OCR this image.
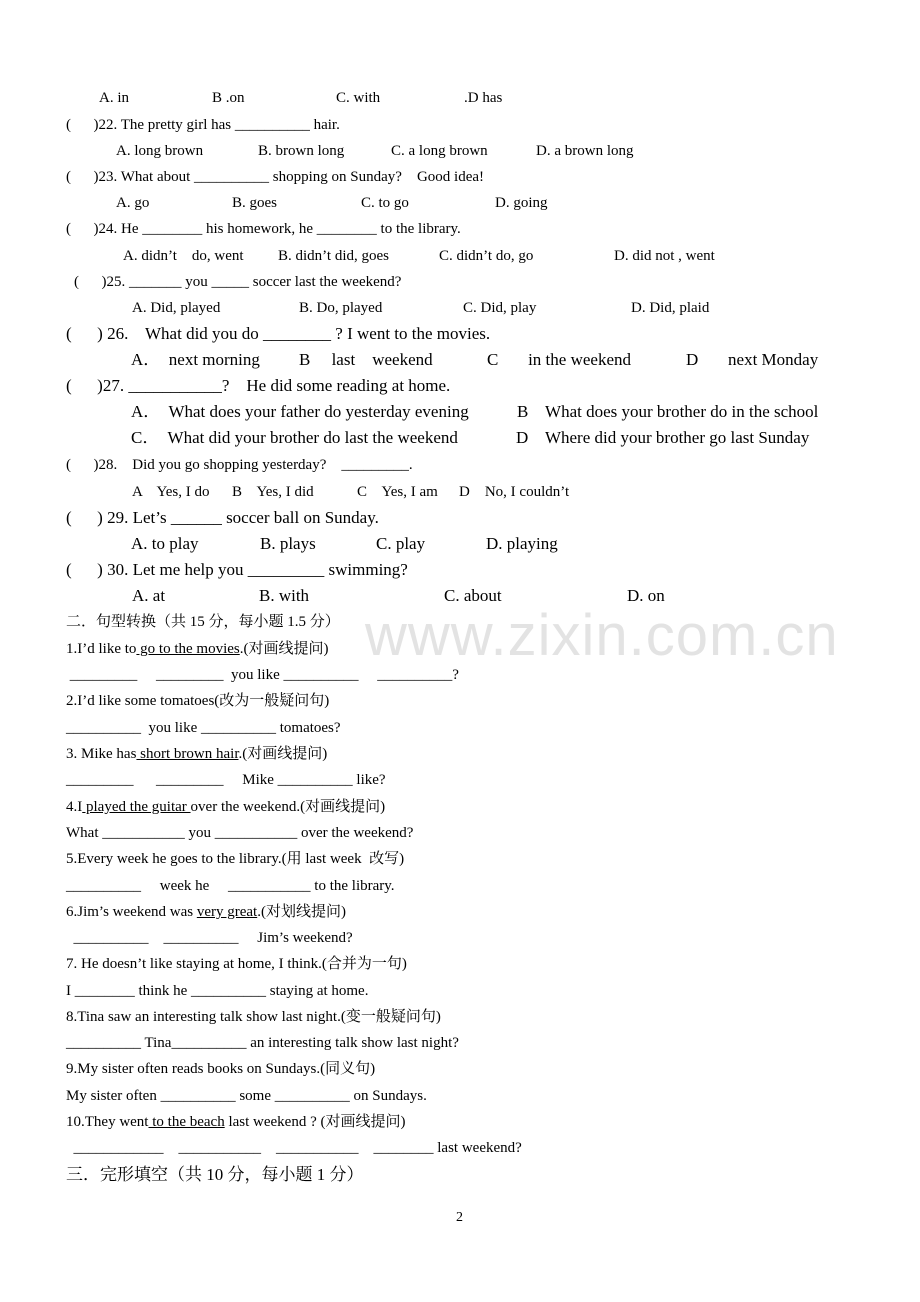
www.zixin.com.cn
A. in	B .on	C. with	.D has
(      )22. The pretty girl has __________ hair.
A. long brown	B. brown long	C. a long brown	D. a brown long
(      )23. What about __________ shopping on Sunday?    Good idea!
A. go	B. goes	C. to go	D. going
(      )24. He ________ his homework, he ________ to the library.
A. didn’t    do, went B. didn’t did, goes	C. didn’t do, go	D. did not , went
(      )25. _______ you _____ soccer last the weekend?
A. Did, played	B. Do, played	C. Did, play	D. Did, plaid
(      ) 26.    What did you do ________ ? I went to the movies.
A．  next morning B     last    weekend	C       in the weekend	D       next Monday
(      )27. ___________?    He did some reading at home.
A．  What does your father do yesterday evening	B    What does your brother do in the school
C．  What did your brother do last the weekend	D    Where did your brother go last Sunday
(      )28.    Did you go shopping yesterday?    _________.
A    Yes, I do B    Yes, I did	C    Yes, I am D    No, I couldn’t
(      ) 29. Let’s ______ soccer ball on Sunday.
A. to play	B. plays	C. play	D. playing
(      ) 30. Let me help you _________ swimming?
A. at	B. with	C. about	D. on
二．句型转换（共 15 分，每小题 1.5 分）
1.I’d like to go to the movies.(对画线提问)
_________     _________  you like __________     __________?
2.I’d like some tomatoes(改为一般疑问句)
__________  you like __________ tomatoes?
3. Mike has short brown hair.(对画线提问)
_________      _________     Mike __________ like?
4.I played the guitar over the weekend.(对画线提问)
What ___________ you ___________ over the weekend?
5.Every week he goes to the library.(用 last week  改写)
__________     week he     ___________ to the library.
6.Jim’s weekend was very great.(对划线提问)
__________    __________     Jim’s weekend?
7. He doesn’t like staying at home, I think.(合并为一句)
I ________ think he __________ staying at home.
8.Tina saw an interesting talk show last night.(变一般疑问句)
__________ Tina__________ an interesting talk show last night?
9.My sister often reads books on Sundays.(同义句)
My sister often __________ some __________ on Sundays.
10.They went to the beach last weekend ? (对画线提问)
____________    ___________    ___________    ________ last weekend?
三．完形填空（共 10 分，每小题 1 分）
2
